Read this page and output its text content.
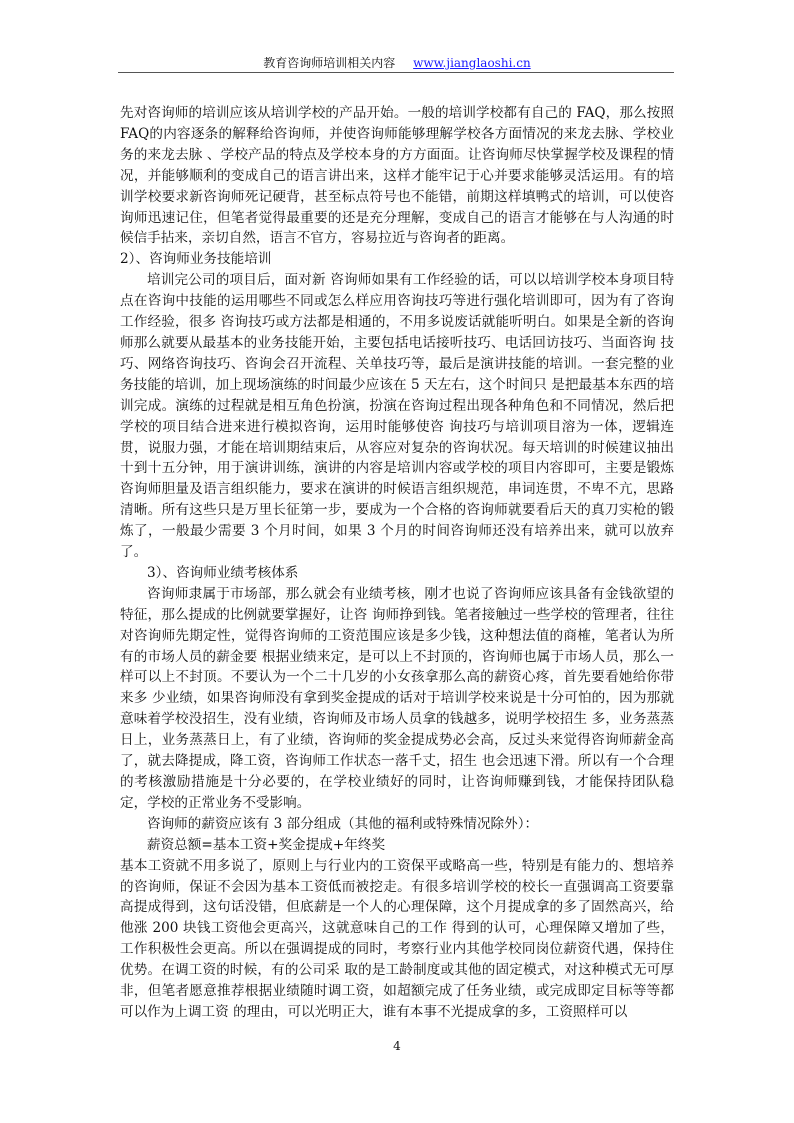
教育咨询师培训相关内容 www.jianglaoshi.cn

先对咨询师的培训应该从培训学校的产品开始。一般的培训学校都有自己的 FAQ，那么按照FAQ的内容逐条的解释给咨询师，并使咨询师能够理解学校各方面情况的来龙去脉、学校业务的来龙去脉 、学校产品的特点及学校本身的方方面面。让咨询师尽快掌握学校及课程的情况，并能够顺利的变成自己的语言讲出来，这样才能牢记于心并要求能够灵活运用。有的培训学校要求新咨询师死记硬背，甚至标点符号也不能错，前期这样填鸭式的培训，可以使咨询师迅速记住，但笔者觉得最重要的还是充分理解，变成自己的语言才能够在与人沟通的时候信手拈来，亲切自然，语言不官方，容易拉近与咨询者的距离。

2）、咨询师业务技能培训

培训完公司的项目后，面对新 咨询师如果有工作经验的话，可以以培训学校本身项目特点在咨询中技能的运用哪些不同或怎么样应用咨询技巧等进行强化培训即可，因为有了咨询工作经验，很多 咨询技巧或方法都是相通的，不用多说废话就能听明白。如果是全新的咨询师那么就要从最基本的业务技能开始，主要包括电话接听技巧、电话回访技巧、当面咨询 技巧、网络咨询技巧、咨询会召开流程、关单技巧等，最后是演讲技能的培训。一套完整的业务技能的培训，加上现场演练的时间最少应该在 5 天左右，这个时间只 是把最基本东西的培训完成。演练的过程就是相互角色扮演，扮演在咨询过程出现各种角色和不同情况，然后把学校的项目结合进来进行模拟咨询，运用时能够使咨 询技巧与培训项目溶为一体，逻辑连贯，说服力强，才能在培训期结束后，从容应对复杂的咨询状况。每天培训的时候建议抽出十到十五分钟，用于演讲训练，演讲的内容是培训内容或学校的项目内容即可，主要是锻炼咨询师胆量及语言组织能力，要求在演讲的时候语言组织规范，串词连贯，不卑不亢，思路清晰。所有这些只是万里长征第一步，要成为一个合格的咨询师就要看后天的真刀实枪的锻炼了，一般最少需要 3 个月时间，如果 3 个月的时间咨询师还没有培养出来，就可以放弃 了。

3）、咨询师业绩考核体系

咨询师隶属于市场部，那么就会有业绩考核，刚才也说了咨询师应该具备有金钱欲望的特征，那么提成的比例就要掌握好，让咨 询师挣到钱。笔者接触过一些学校的管理者，往往对咨询师先期定性，觉得咨询师的工资范围应该是多少钱，这种想法值的商榷，笔者认为所有的市场人员的薪金要 根据业绩来定，是可以上不封顶的，咨询师也属于市场人员，那么一样可以上不封顶。不要认为一个二十几岁的小女孩拿那么高的薪资心疼，首先要看她给你带来多 少业绩，如果咨询师没有拿到奖金提成的话对于培训学校来说是十分可怕的，因为那就意味着学校没招生，没有业绩，咨询师及市场人员拿的钱越多，说明学校招生 多，业务蒸蒸日上，业务蒸蒸日上，有了业绩，咨询师的奖金提成势必会高，反过头来觉得咨询师薪金高了，就去降提成，降工资，咨询师工作状态一落千丈，招生 也会迅速下滑。所以有一个合理的考核激励措施是十分必要的，在学校业绩好的同时，让咨询师赚到钱，才能保持团队稳定，学校的正常业务不受影响。

咨询师的薪资应该有 3 部分组成（其他的福利或特殊情况除外）：

薪资总额=基本工资+奖金提成+年终奖

基本工资就不用多说了，原则上与行业内的工资保平或略高一些，特别是有能力的、想培养的咨询师，保证不会因为基本工资低而被挖走。有很多培训学校的校长一直强调高工资要靠高提成得到，这句话没错，但底薪是一个人的心理保障，这个月提成拿的多了固然高兴，给他涨 200 块钱工资他会更高兴，这就意味自己的工作 得到的认可，心理保障又增加了些，工作积极性会更高。所以在强调提成的同时，考察行业内其他学校同岗位薪资代遇，保持住优势。在调工资的时候，有的公司采 取的是工龄制度或其他的固定模式，对这种模式无可厚非，但笔者愿意推荐根据业绩随时调工资，如超额完成了任务业绩，或完成即定目标等等都可以作为上调工资 的理由，可以光明正大，谁有本事不光提成拿的多，工资照样可以

4
